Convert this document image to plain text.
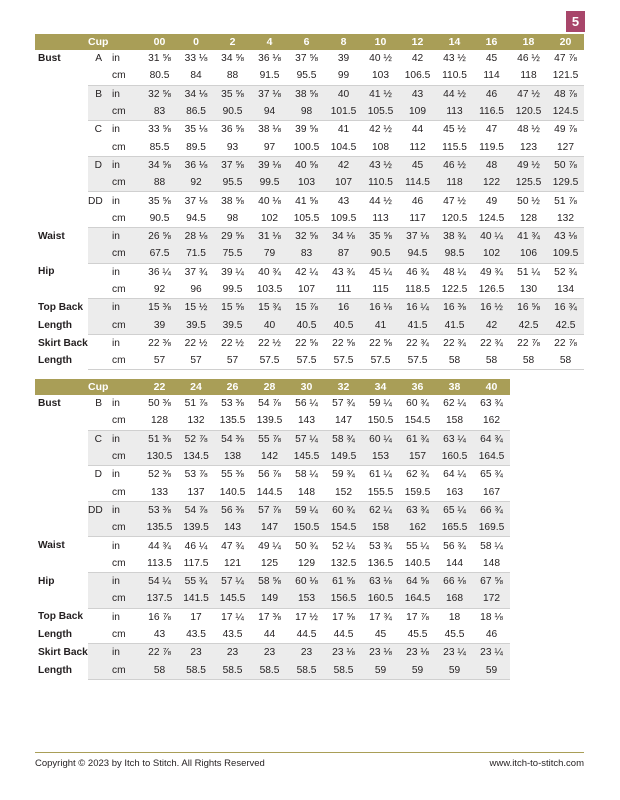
5
	Cup		00	0	2	4	6	8	10	12	14	16	18	20
Bust	A	in	31 ⅝	33 ⅛	34 ⅝	36 ⅛	37 ⅝	39	40 ½	42	43 ½	45	46 ½	47 ⅞
		cm	80.5	84	88	91.5	95.5	99	103	106.5	110.5	114	118	121.5
	B	in	32 ⅝	34 ⅛	35 ⅝	37 ⅛	38 ⅝	40	41 ½	43	44 ½	46	47 ½	48 ⅞
		cm	83	86.5	90.5	94	98	101.5	105.5	109	113	116.5	120.5	124.5
	C	in	33 ⅝	35 ⅛	36 ⅝	38 ⅛	39 ⅝	41	42 ½	44	45 ½	47	48 ½	49 ⅞
		cm	85.5	89.5	93	97	100.5	104.5	108	112	115.5	119.5	123	127
	D	in	34 ⅝	36 ⅛	37 ⅝	39 ⅛	40 ⅝	42	43 ½	45	46 ½	48	49 ½	50 ⅞
		cm	88	92	95.5	99.5	103	107	110.5	114.5	118	122	125.5	129.5
	DD	in	35 ⅝	37 ⅛	38 ⅝	40 ⅛	41 ⅝	43	44 ½	46	47 ½	49	50 ½	51 ⅞
		cm	90.5	94.5	98	102	105.5	109.5	113	117	120.5	124.5	128	132
Waist		in	26 ⅝	28 ⅛	29 ⅝	31 ⅛	32 ⅝	34 ⅛	35 ⅝	37 ⅛	38 ¾	40 ¼	41 ¾	43 ⅛
		cm	67.5	71.5	75.5	79	83	87	90.5	94.5	98.5	102	106	109.5
Hip		in	36 ¼	37 ¾	39 ¼	40 ¾	42 ¼	43 ¾	45 ¼	46 ¾	48 ¼	49 ¾	51 ¼	52 ¾
		cm	92	96	99.5	103.5	107	111	115	118.5	122.5	126.5	130	134
Top Back		in	15 ⅜	15 ½	15 ⅝	15 ¾	15 ⅞	16	16 ⅛	16 ¼	16 ⅜	16 ½	16 ⅝	16 ¾
Length		cm	39	39.5	39.5	40	40.5	40.5	41	41.5	41.5	42	42.5	42.5
Skirt Back		in	22 ⅜	22 ½	22 ½	22 ½	22 ⅝	22 ⅝	22 ⅝	22 ¾	22 ¾	22 ¾	22 ⅞	22 ⅞
Length		cm	57	57	57	57.5	57.5	57.5	57.5	57.5	58	58	58	58
	Cup		22	24	26	28	30	32	34	36	38	40
Bust	B	in	50 ⅜	51 ⅞	53 ⅜	54 ⅞	56 ¼	57 ¾	59 ¼	60 ¾	62 ¼	63 ¾
		cm	128	132	135.5	139.5	143	147	150.5	154.5	158	162
	C	in	51 ⅜	52 ⅞	54 ⅜	55 ⅞	57 ¼	58 ¾	60 ¼	61 ¾	63 ¼	64 ¾
		cm	130.5	134.5	138	142	145.5	149.5	153	157	160.5	164.5
	D	in	52 ⅜	53 ⅞	55 ⅜	56 ⅞	58 ¼	59 ¾	61 ¼	62 ¾	64 ¼	65 ¾
		cm	133	137	140.5	144.5	148	152	155.5	159.5	163	167
	DD	in	53 ⅜	54 ⅞	56 ⅜	57 ⅞	59 ¼	60 ¾	62 ¼	63 ¾	65 ¼	66 ¾
		cm	135.5	139.5	143	147	150.5	154.5	158	162	165.5	169.5
Waist		in	44 ¾	46 ¼	47 ¾	49 ¼	50 ¾	52 ¼	53 ¾	55 ¼	56 ¾	58 ¼
		cm	113.5	117.5	121	125	129	132.5	136.5	140.5	144	148
Hip		in	54 ¼	55 ¾	57 ¼	58 ⅝	60 ⅛	61 ⅝	63 ⅛	64 ⅝	66 ⅛	67 ⅝
		cm	137.5	141.5	145.5	149	153	156.5	160.5	164.5	168	172
Top Back		in	16 ⅞	17	17 ¼	17 ⅜	17 ½	17 ⅝	17 ¾	17 ⅞	18	18 ⅛
Length		cm	43	43.5	43.5	44	44.5	44.5	45	45.5	45.5	46
Skirt Back		in	22 ⅞	23	23	23	23	23 ⅛	23 ⅛	23 ⅛	23 ¼	23 ¼
Length		cm	58	58.5	58.5	58.5	58.5	58.5	59	59	59	59
Copyright © 2023 by Itch to Stitch. All Rights Reserved	www.itch-to-stitch.com
